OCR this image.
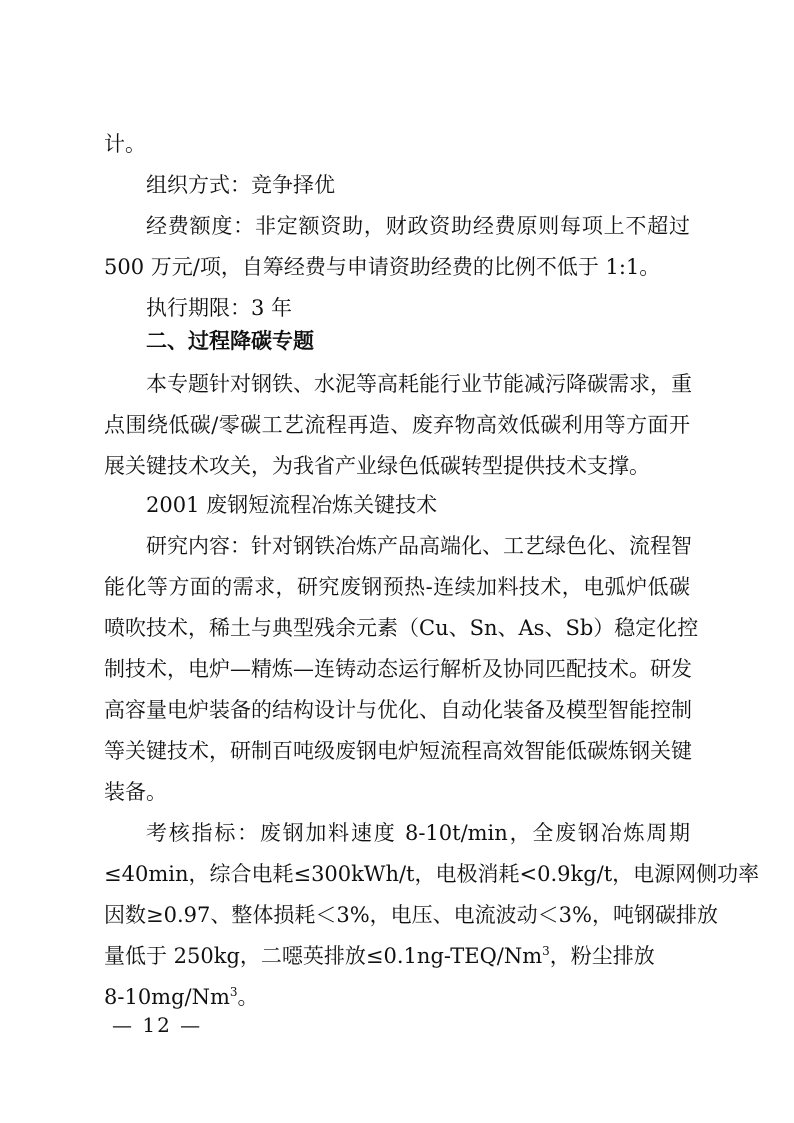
计。
组织方式：竞争择优
经费额度：非定额资助，财政资助经费原则每项上不超过
500 万元/项，自筹经费与申请资助经费的比例不低于 1:1。
执行期限：3 年
二、过程降碳专题
本专题针对钢铁、水泥等高耗能行业节能减污降碳需求，重
点围绕低碳/零碳工艺流程再造、废弃物高效低碳利用等方面开
展关键技术攻关，为我省产业绿色低碳转型提供技术支撑。
2001 废钢短流程冶炼关键技术
研究内容：针对钢铁冶炼产品高端化、工艺绿色化、流程智
能化等方面的需求，研究废钢预热-连续加料技术，电弧炉低碳
喷吹技术，稀土与典型残余元素（Cu、Sn、As、Sb）稳定化控
制技术，电炉—精炼—连铸动态运行解析及协同匹配技术。研发
高容量电炉装备的结构设计与优化、自动化装备及模型智能控制
等关键技术，研制百吨级废钢电炉短流程高效智能低碳炼钢关键
装备。
考核指标：废钢加料速度 8-10t/min，全废钢冶炼周期
≤40min，综合电耗≤300kWh/t，电极消耗<0.9kg/t，电源网侧功率
因数≥0.97、整体损耗＜3%，电压、电流波动＜3%，吨钢碳排放
量低于 250kg，二噁英排放$\le 0.1ng-TEQ/Nm^3$，粉尘排放
8-10mg/Nm$^3$。
— 12 —
